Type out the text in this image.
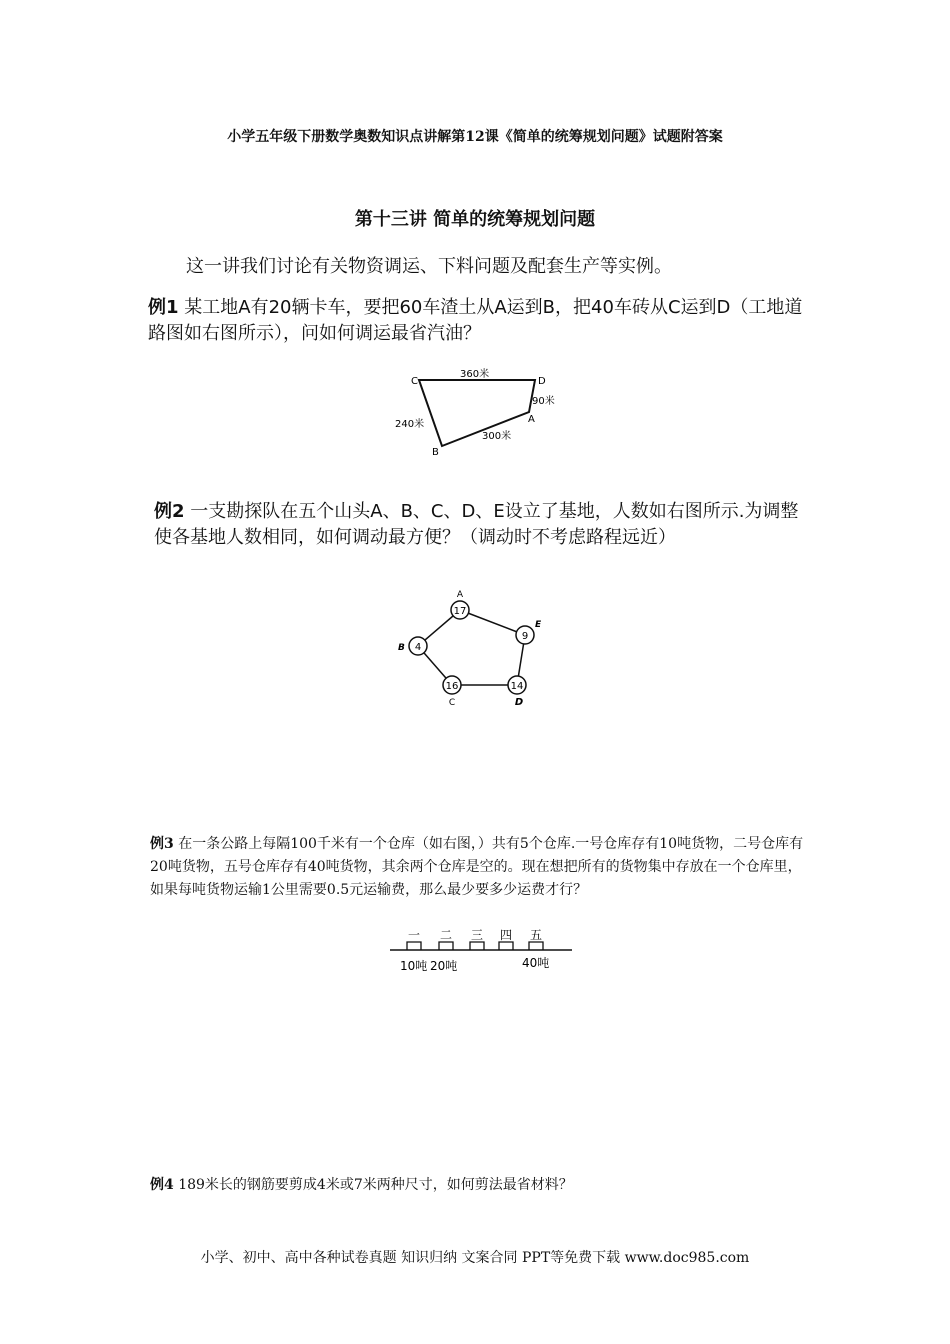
小学五年级下册数学奥数知识点讲解第12课《简单的统筹规划问题》试题附答案
第十三讲 简单的统筹规划问题
这一讲我们讨论有关物资调运、下料问题及配套生产等实例。
例1 某工地A有20辆卡车，要把60车渣土从A运到B，把40车砖从C运到D（工地道路图如右图所示），问如何调运最省汽油？
C	D
A
B
360米
90米
300米
240米
例2 一支勘探队在五个山头A、B、C、D、E设立了基地，人数如右图所示.为调整使各基地人数相同，如何调动最方便？（调动时不考虑路程远近）
17
A
9
E
14
D
16
C
4
B
例3 在一条公路上每隔100千米有一个仓库（如右图，）共有5个仓库.一号仓库存有10吨货物，二号仓库有20吨货物，五号仓库存有40吨货物，其余两个仓库是空的。现在想把所有的货物集中存放在一个仓库里，如果每吨货物运输1公里需要0.5元运输费，那么最少要多少运费才行？
一 二 三 四 五
10吨 20吨	40吨
例4 189米长的钢筋要剪成4米或7米两种尺寸，如何剪法最省材料？
小学、初中、高中各种试卷真题 知识归纳 文案合同 PPT等免费下载 www.doc985.com
